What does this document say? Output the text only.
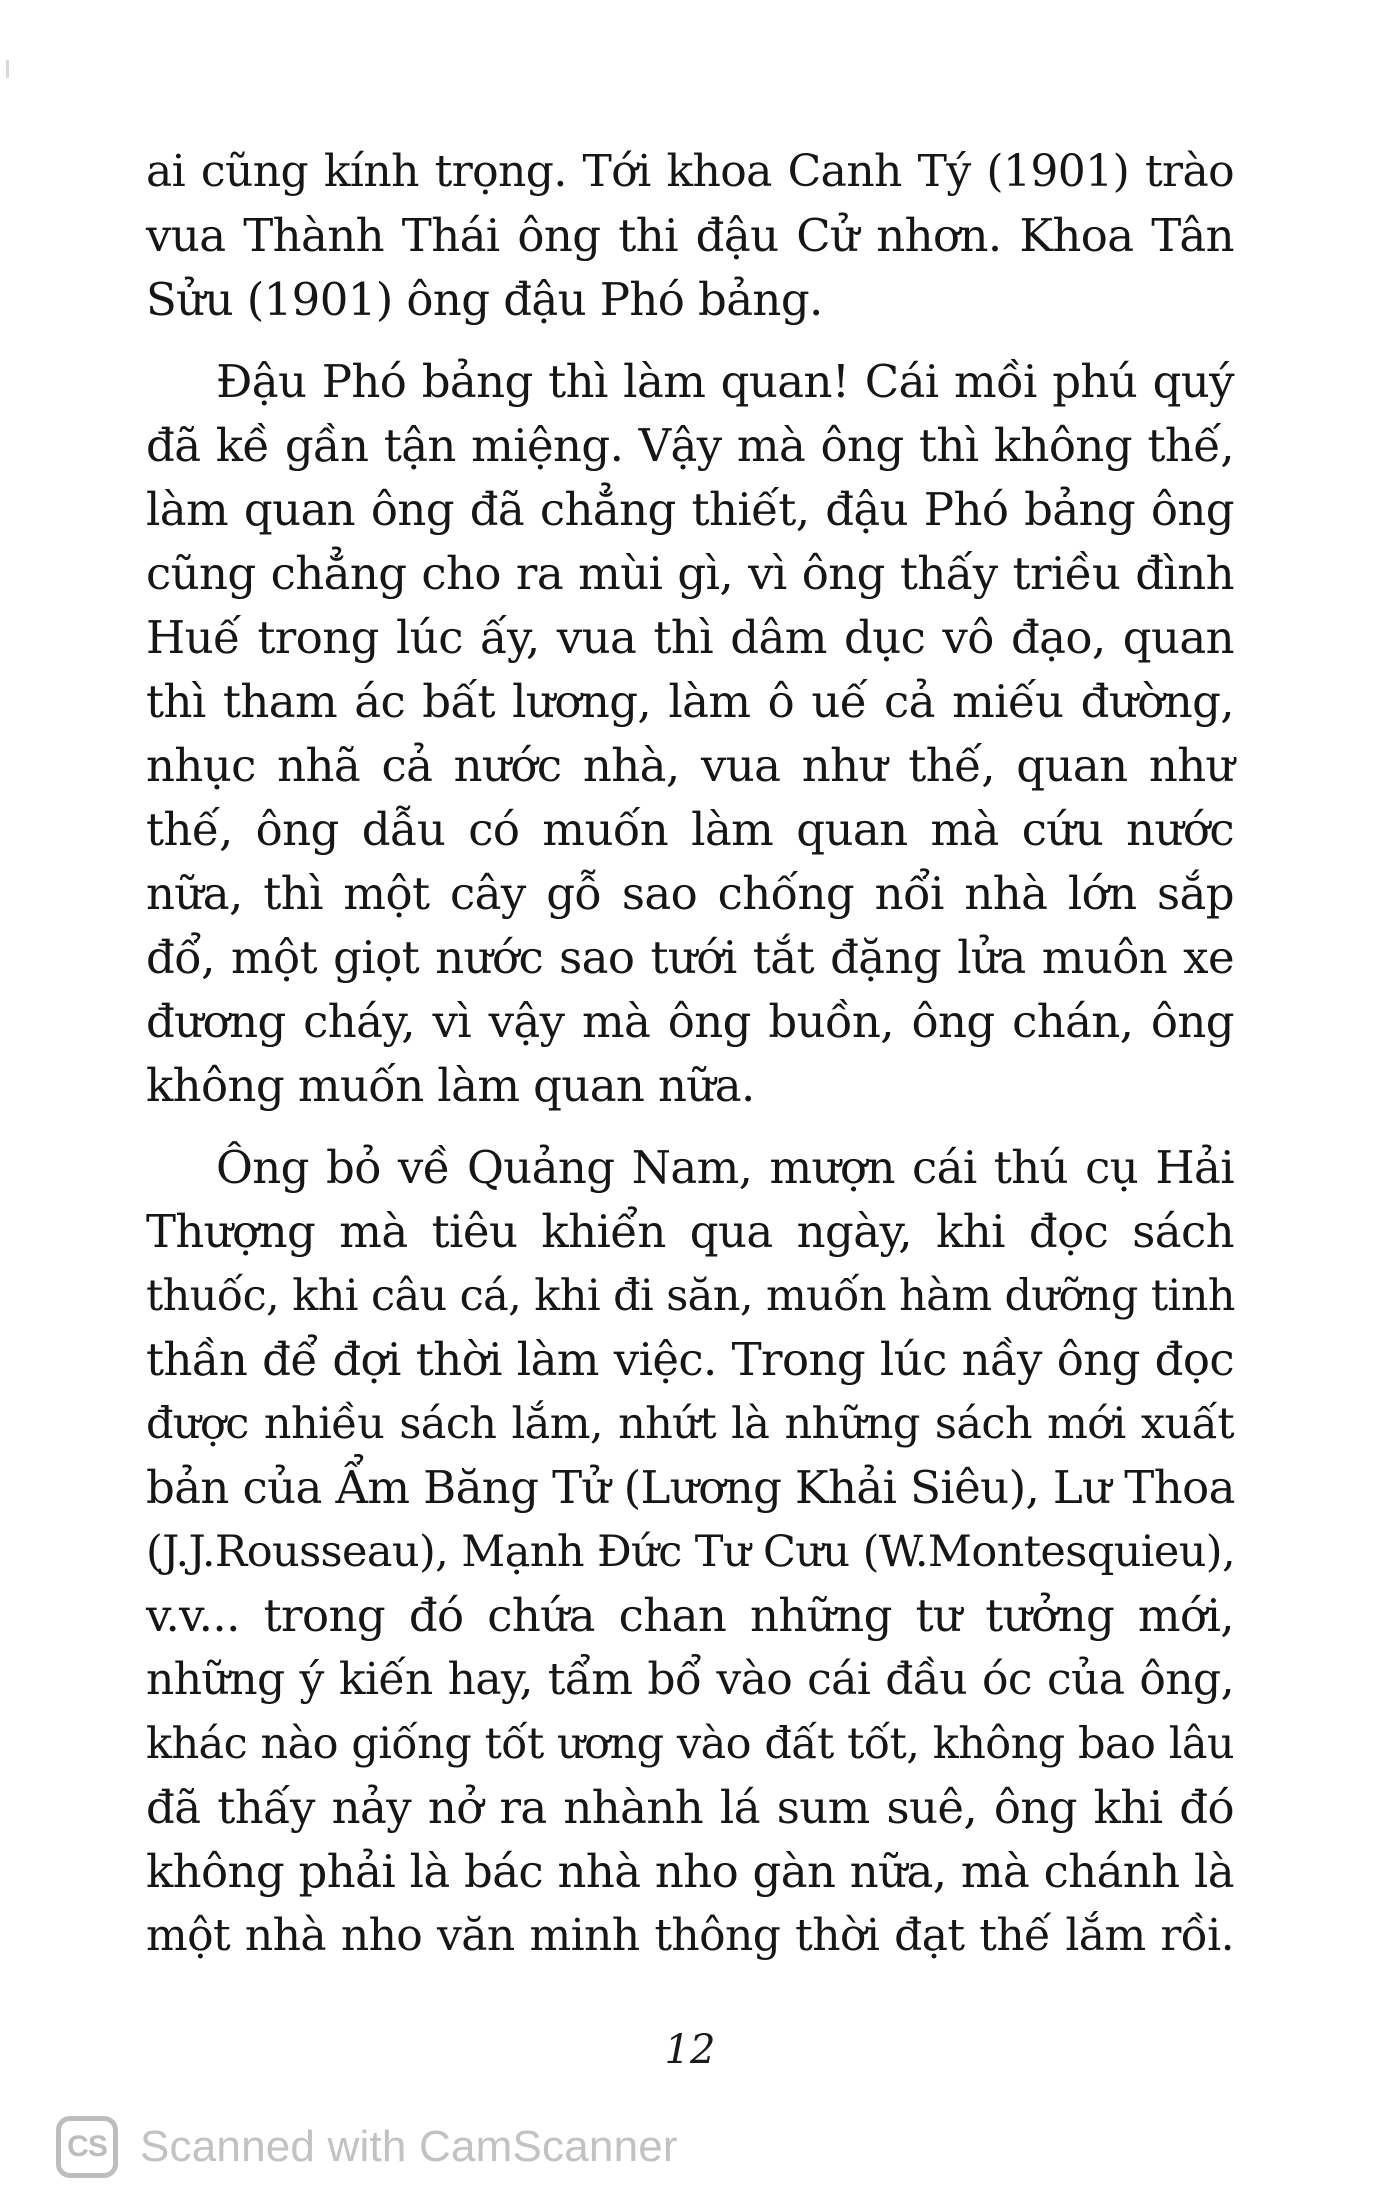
ai cũng kính trọng. Tới khoa Canh Tý (1901) trào
vua Thành Thái ông thi đậu Cử nhơn. Khoa Tân
Sửu (1901) ông đậu Phó bảng.
Đậu Phó bảng thì làm quan! Cái mồi phú quý
đã kề gần tận miệng. Vậy mà ông thì không thế,
làm quan ông đã chẳng thiết, đậu Phó bảng ông
cũng chẳng cho ra mùi gì, vì ông thấy triều đình
Huế trong lúc ấy, vua thì dâm dục vô đạo, quan
thì tham ác bất lương, làm ô uế cả miếu đường,
nhục nhã cả nước nhà, vua như thế, quan như
thế, ông dẫu có muốn làm quan mà cứu nước
nữa, thì một cây gỗ sao chống nổi nhà lớn sắp
đổ, một giọt nước sao tưới tắt đặng lửa muôn xe
đương cháy, vì vậy mà ông buồn, ông chán, ông
không muốn làm quan nữa.
Ông bỏ về Quảng Nam, mượn cái thú cụ Hải
Thượng mà tiêu khiển qua ngày, khi đọc sách
thuốc, khi câu cá, khi đi săn, muốn hàm dưỡng tinh
thần để đợi thời làm việc. Trong lúc nầy ông đọc
được nhiều sách lắm, nhứt là những sách mới xuất
bản của Ẩm Băng Tử (Lương Khải Siêu), Lư Thoa
(J.J.Rousseau), Mạnh Đức Tư Cưu (W.Montesquieu),
v.v... trong đó chứa chan những tư tưởng mới,
những ý kiến hay, tẩm bổ vào cái đầu óc của ông,
khác nào giống tốt ương vào đất tốt, không bao lâu
đã thấy nảy nở ra nhành lá sum suê, ông khi đó
không phải là bác nhà nho gàn nữa, mà chánh là
một nhà nho văn minh thông thời đạt thế lắm rồi.
12
CS Scanned with CamScanner
